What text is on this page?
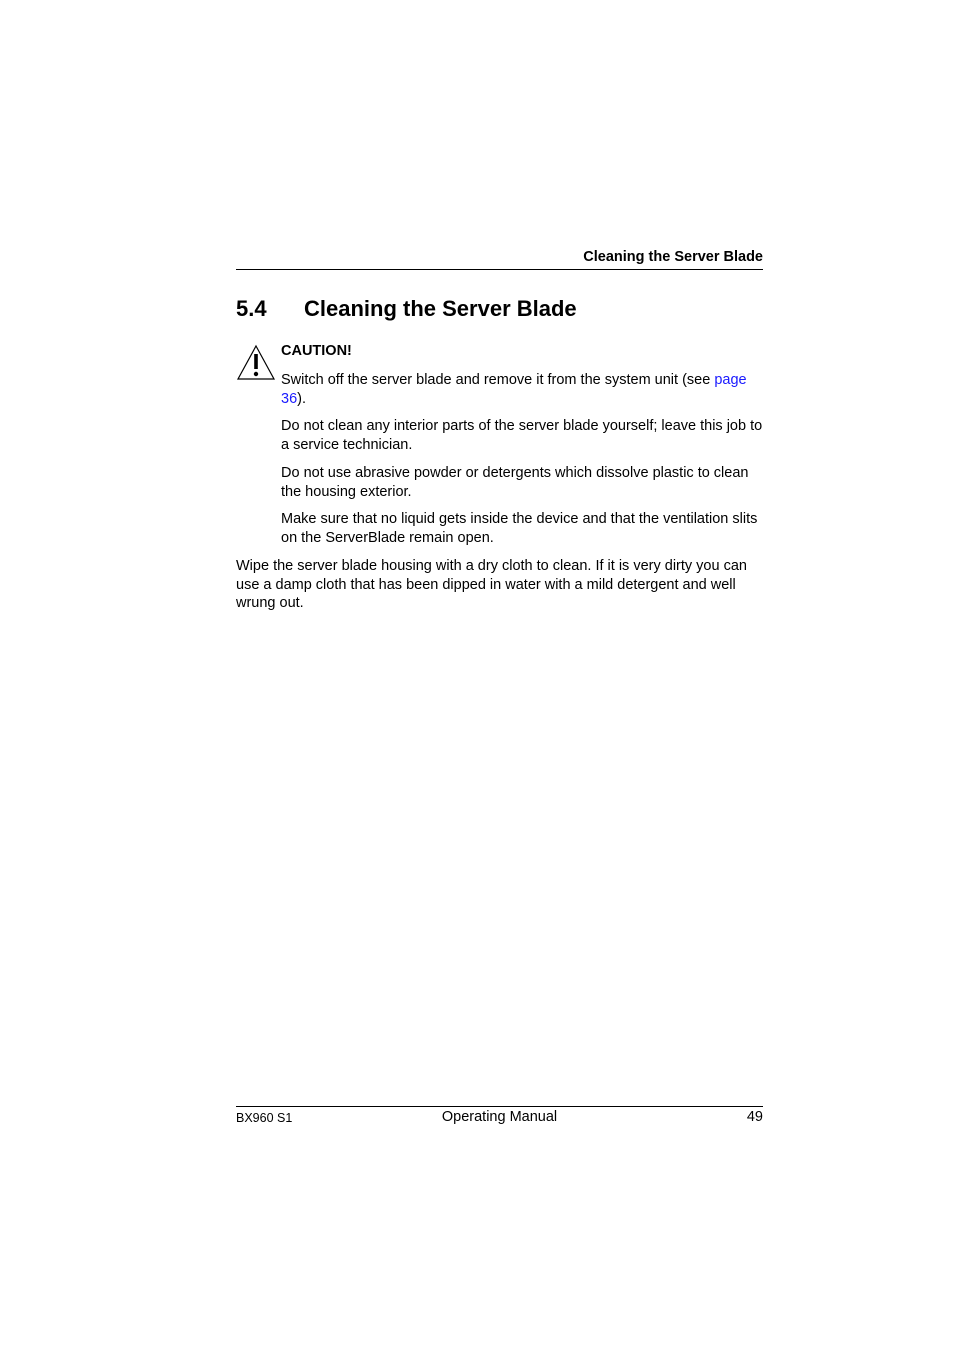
Cleaning the Server Blade
5.4 Cleaning the Server Blade
CAUTION!

Switch off the server blade and remove it from the system unit (see page 36).

Do not clean any interior parts of the server blade yourself; leave this job to a service technician.

Do not use abrasive powder or detergents which dissolve plastic to clean the housing exterior.

Make sure that no liquid gets inside the device and that the ventilation slits on the ServerBlade remain open.

Wipe the server blade housing with a dry cloth to clean. If it is very dirty you can use a damp cloth that has been dipped in water with a mild detergent and well wrung out.

BX960 S1	Operating Manual	49
